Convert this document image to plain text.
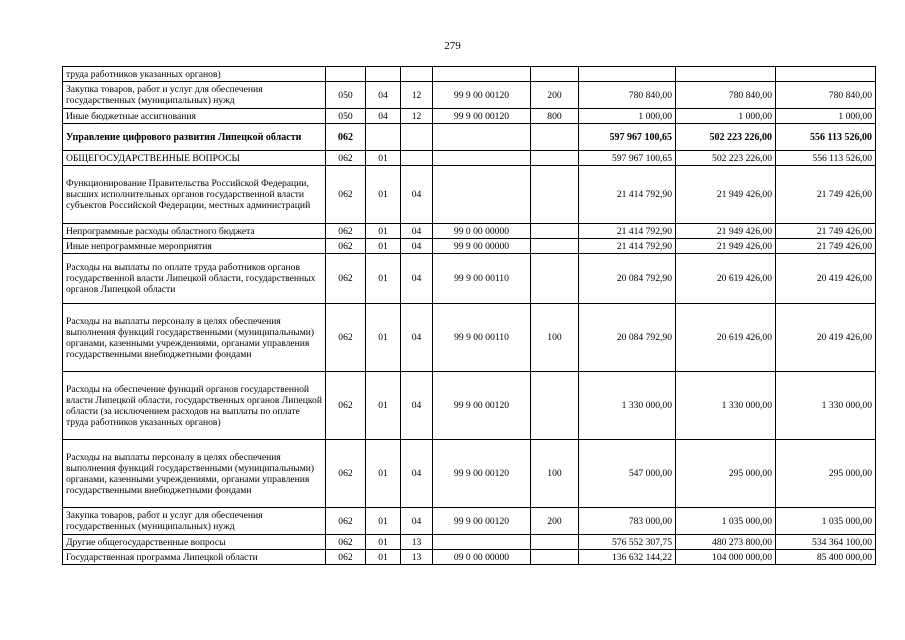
279
труда работников указанных органов)								
Закупка товаров, работ и услуг для обеспечения государственных (муниципальных) нужд	050	04	12	99 9 00 00120	200	780 840,00	780 840,00	780 840,00
Иные бюджетные ассигнования	050	04	12	99 9 00 00120	800	1 000,00	1 000,00	1 000,00
Управление цифрового развития Липецкой области	062					597 967 100,65	502 223 226,00	556 113 526,00
ОБЩЕГОСУДАРСТВЕННЫЕ ВОПРОСЫ	062	01				597 967 100,65	502 223 226,00	556 113 526,00
Функционирование Правительства Российской Федерации, высших исполнительных органов государственной власти субъектов Российской Федерации, местных администраций	062	01	04			21 414 792,90	21 949 426,00	21 749 426,00
Непрограммные расходы областного бюджета	062	01	04	99 0 00 00000		21 414 792,90	21 949 426,00	21 749 426,00
Иные непрограммные мероприятия	062	01	04	99 9 00 00000		21 414 792,90	21 949 426,00	21 749 426,00
Расходы на выплаты по оплате труда работников органов государственной власти Липецкой области, государственных органов Липецкой области	062	01	04	99 9 00 00110		20 084 792,90	20 619 426,00	20 419 426,00
Расходы на выплаты персоналу в целях обеспечения выполнения функций государственными (муниципальными) органами, казенными учреждениями, органами управления государственными внебюджетными фондами	062	01	04	99 9 00 00110	100	20 084 792,90	20 619 426,00	20 419 426,00
Расходы на обеспечение функций органов государственной власти Липецкой области, государственных органов Липецкой области (за исключением расходов на выплаты по оплате труда работников указанных органов)	062	01	04	99 9 00 00120		1 330 000,00	1 330 000,00	1 330 000,00
Расходы на выплаты персоналу в целях обеспечения выполнения функций государственными (муниципальными) органами, казенными учреждениями, органами управления государственными внебюджетными фондами	062	01	04	99 9 00 00120	100	547 000,00	295 000,00	295 000,00
Закупка товаров, работ и услуг для обеспечения государственных (муниципальных) нужд	062	01	04	99 9 00 00120	200	783 000,00	1 035 000,00	1 035 000,00
Другие общегосударственные вопросы	062	01	13			576 552 307,75	480 273 800,00	534 364 100,00
Государственная программа Липецкой области	062	01	13	09 0 00 00000		136 632 144,22	104 000 000,00	85 400 000,00
